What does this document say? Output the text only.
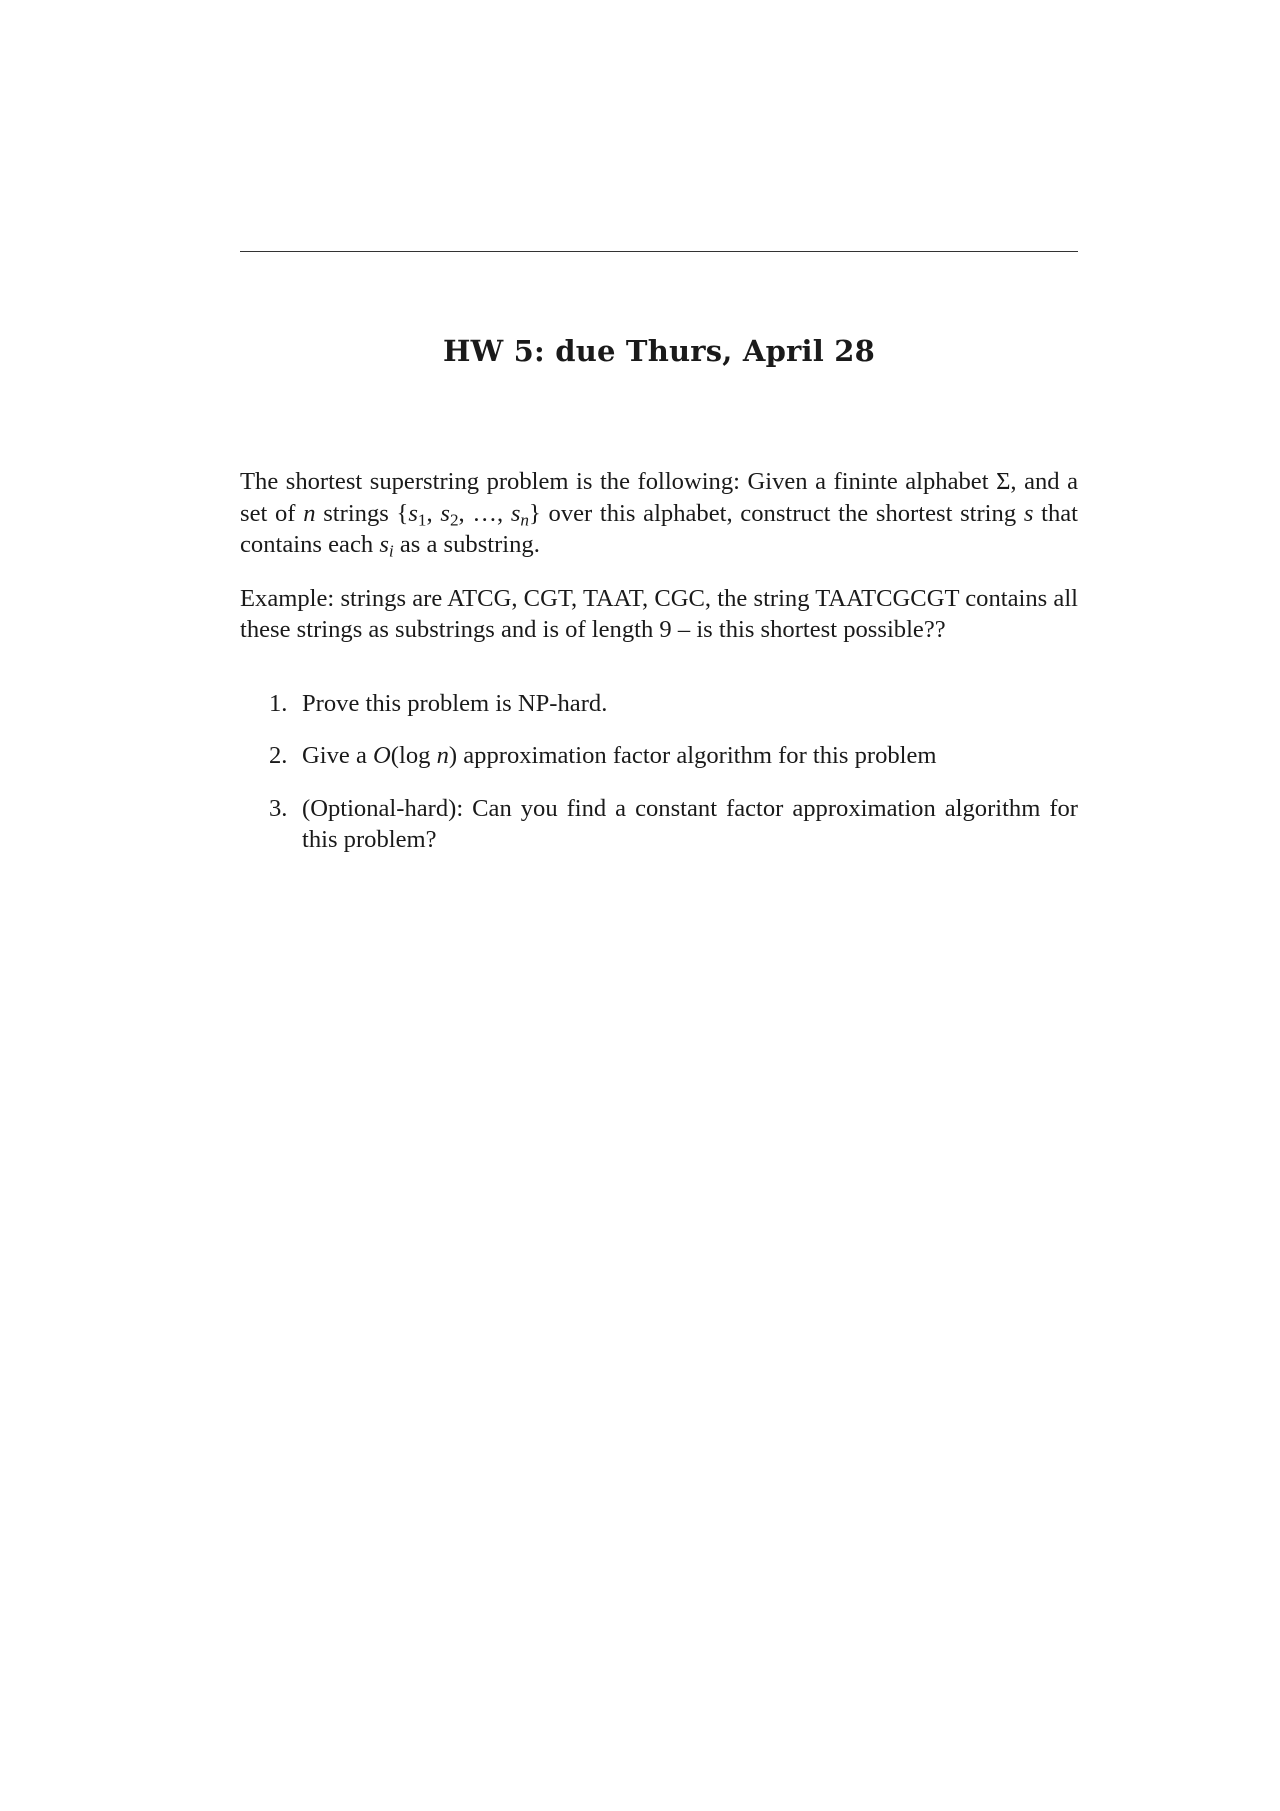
HW 5: due Thurs, April 28

The shortest superstring problem is the following: Given a fininte alphabet Σ, and a set of n strings {$s_1$, $s_2$, …, $s_n$} over this alphabet, construct the shortest string s that contains each $s_i$ as a substring.

Example: strings are ATCG, CGT, TAAT, CGC, the string TAATCGCGT contains all these strings as substrings and is of length 9 – is this shortest possible??

1. Prove this problem is NP-hard.
2. Give a O(log n) approximation factor algorithm for this problem
3. (Optional-hard): Can you find a constant factor approximation algorithm for this problem?
